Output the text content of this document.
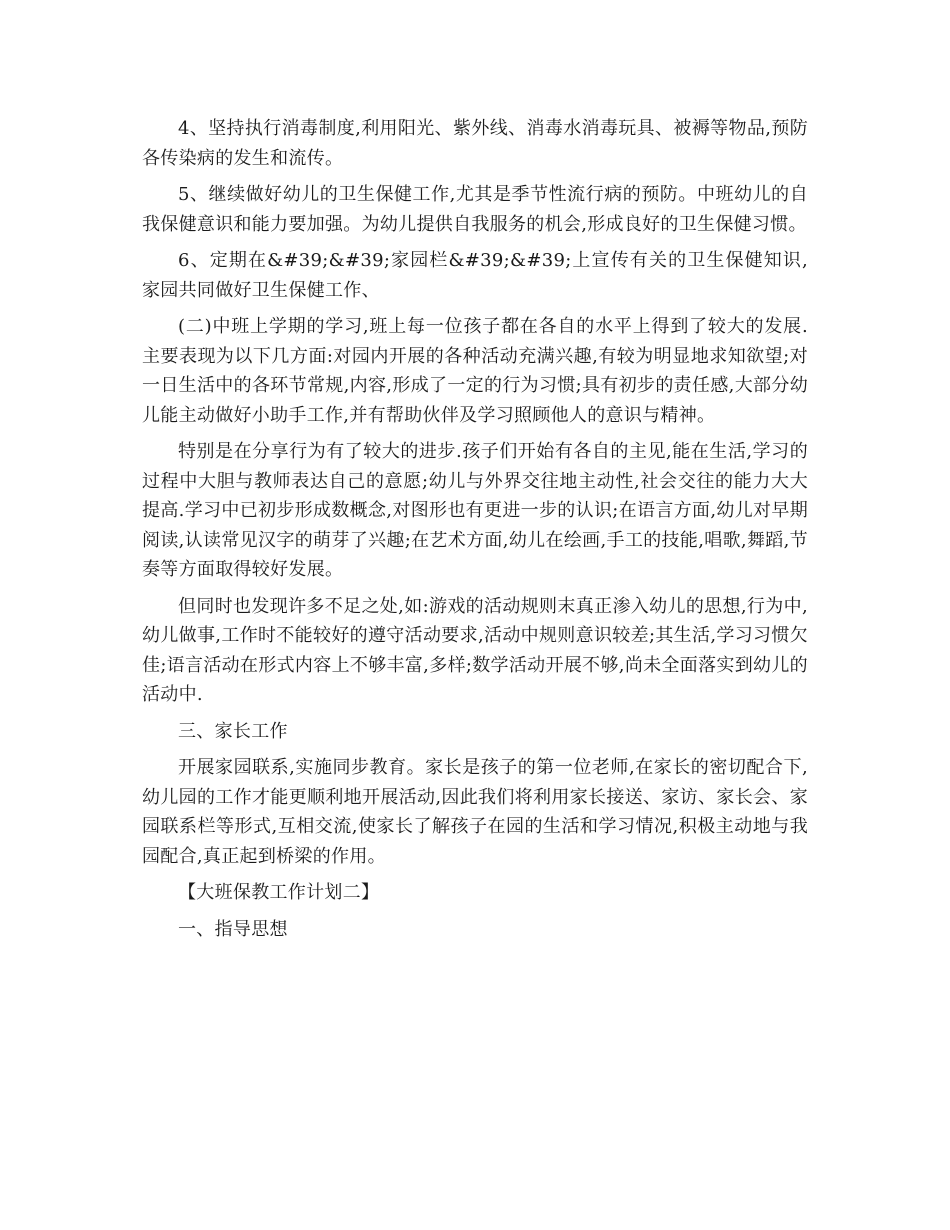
4、坚持执行消毒制度,利用阳光、紫外线、消毒水消毒玩具、被褥等物品,预防各传染病的发生和流传。

5、继续做好幼儿的卫生保健工作,尤其是季节性流行病的预防。中班幼儿的自我保健意识和能力要加强。为幼儿提供自我服务的机会,形成良好的卫生保健习惯。

6、定期在&#39;&#39;家园栏&#39;&#39;上宣传有关的卫生保健知识,家园共同做好卫生保健工作、

(二)中班上学期的学习,班上每一位孩子都在各自的水平上得到了较大的发展.主要表现为以下几方面:对园内开展的各种活动充满兴趣,有较为明显地求知欲望;对一日生活中的各环节常规,内容,形成了一定的行为习惯;具有初步的责任感,大部分幼儿能主动做好小助手工作,并有帮助伙伴及学习照顾他人的意识与精神。

特别是在分享行为有了较大的进步.孩子们开始有各自的主见,能在生活,学习的过程中大胆与教师表达自己的意愿;幼儿与外界交往地主动性,社会交往的能力大大提高.学习中已初步形成数概念,对图形也有更进一步的认识;在语言方面,幼儿对早期阅读,认读常见汉字的萌芽了兴趣;在艺术方面,幼儿在绘画,手工的技能,唱歌,舞蹈,节奏等方面取得较好发展。

但同时也发现许多不足之处,如:游戏的活动规则末真正渗入幼儿的思想,行为中,幼儿做事,工作时不能较好的遵守活动要求,活动中规则意识较差;其生活,学习习惯欠佳;语言活动在形式内容上不够丰富,多样;数学活动开展不够,尚未全面落实到幼儿的活动中.

三、家长工作

开展家园联系,实施同步教育。家长是孩子的第一位老师,在家长的密切配合下,幼儿园的工作才能更顺利地开展活动,因此我们将利用家长接送、家访、家长会、家园联系栏等形式,互相交流,使家长了解孩子在园的生活和学习情况,积极主动地与我园配合,真正起到桥梁的作用。

【大班保教工作计划二】

一、指导思想
